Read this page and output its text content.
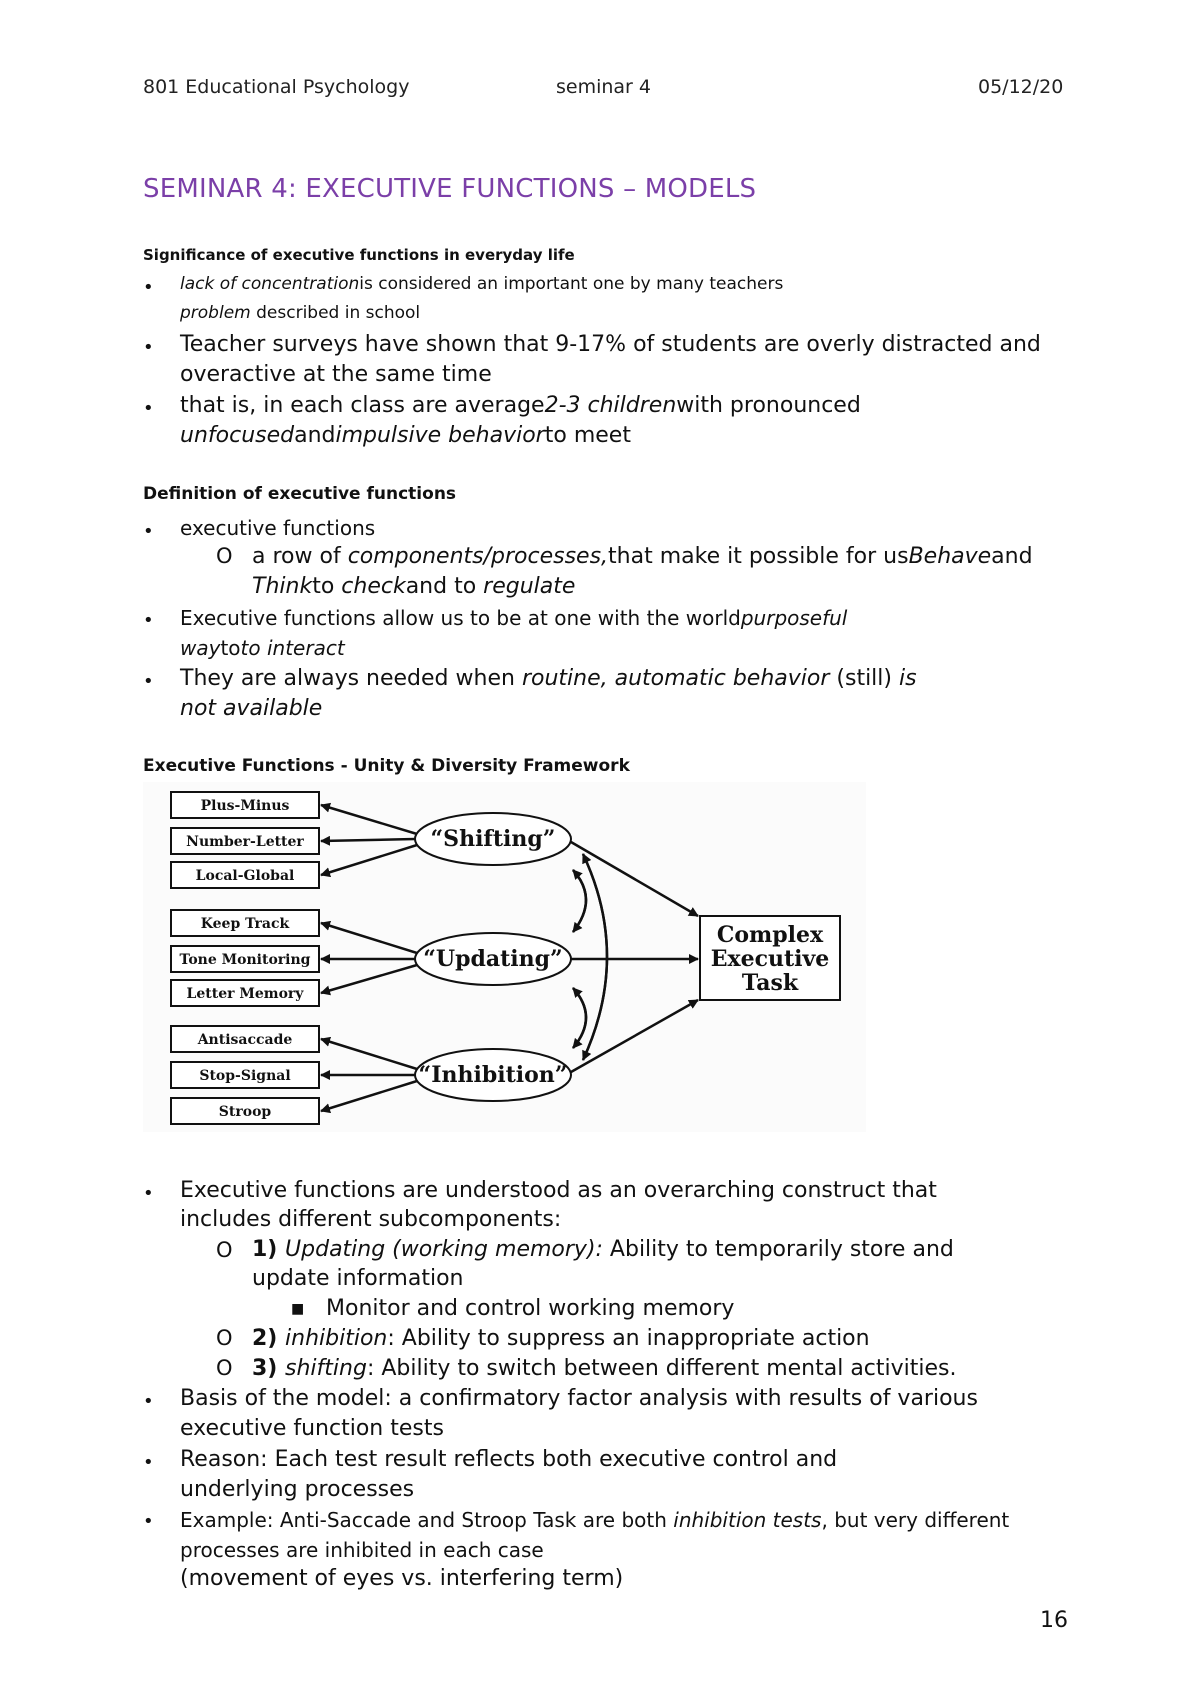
801 Educational Psychology	seminar 4	05/12/20
SEMINAR 4: EXECUTIVE FUNCTIONS – MODELS
Significance of executive functions in everyday life
• lack of concentrationis considered an important one by many teachers
problem described in school
• Teacher surveys have shown that 9-17% of students are overly distracted and
overactive at the same time
• that is, in each class are average2-3 childrenwith pronounced
unfocusedandimpulsive behaviorto meet
Definition of executive functions
• executive functions
O a row of components/processes,that make it possible for usBehaveand
Thinkto checkand to regulate
• Executive functions allow us to be at one with the worldpurposeful
waytoto interact
• They are always needed when routine, automatic behavior (still) is
not available
Executive Functions - Unity & Diversity Framework
Plus-Minus
Number-Letter
Local-Global
Keep Track
Tone Monitoring
Letter Memory
Antisaccade
Stop-Signal
Stroop
“Shifting”
“Updating”
“Inhibition”
Complex
Executive
Task
• Executive functions are understood as an overarching construct that
includes different subcomponents:
O 1) Updating (working memory): Ability to temporarily store and
update information
■ Monitor and control working memory
O 2) inhibition: Ability to suppress an inappropriate action
O 3) shifting: Ability to switch between different mental activities.
• Basis of the model: a confirmatory factor analysis with results of various
executive function tests
• Reason: Each test result reflects both executive control and
underlying processes
• Example: Anti-Saccade and Stroop Task are both inhibition tests, but very different
processes are inhibited in each case
(movement of eyes vs. interfering term)
16
